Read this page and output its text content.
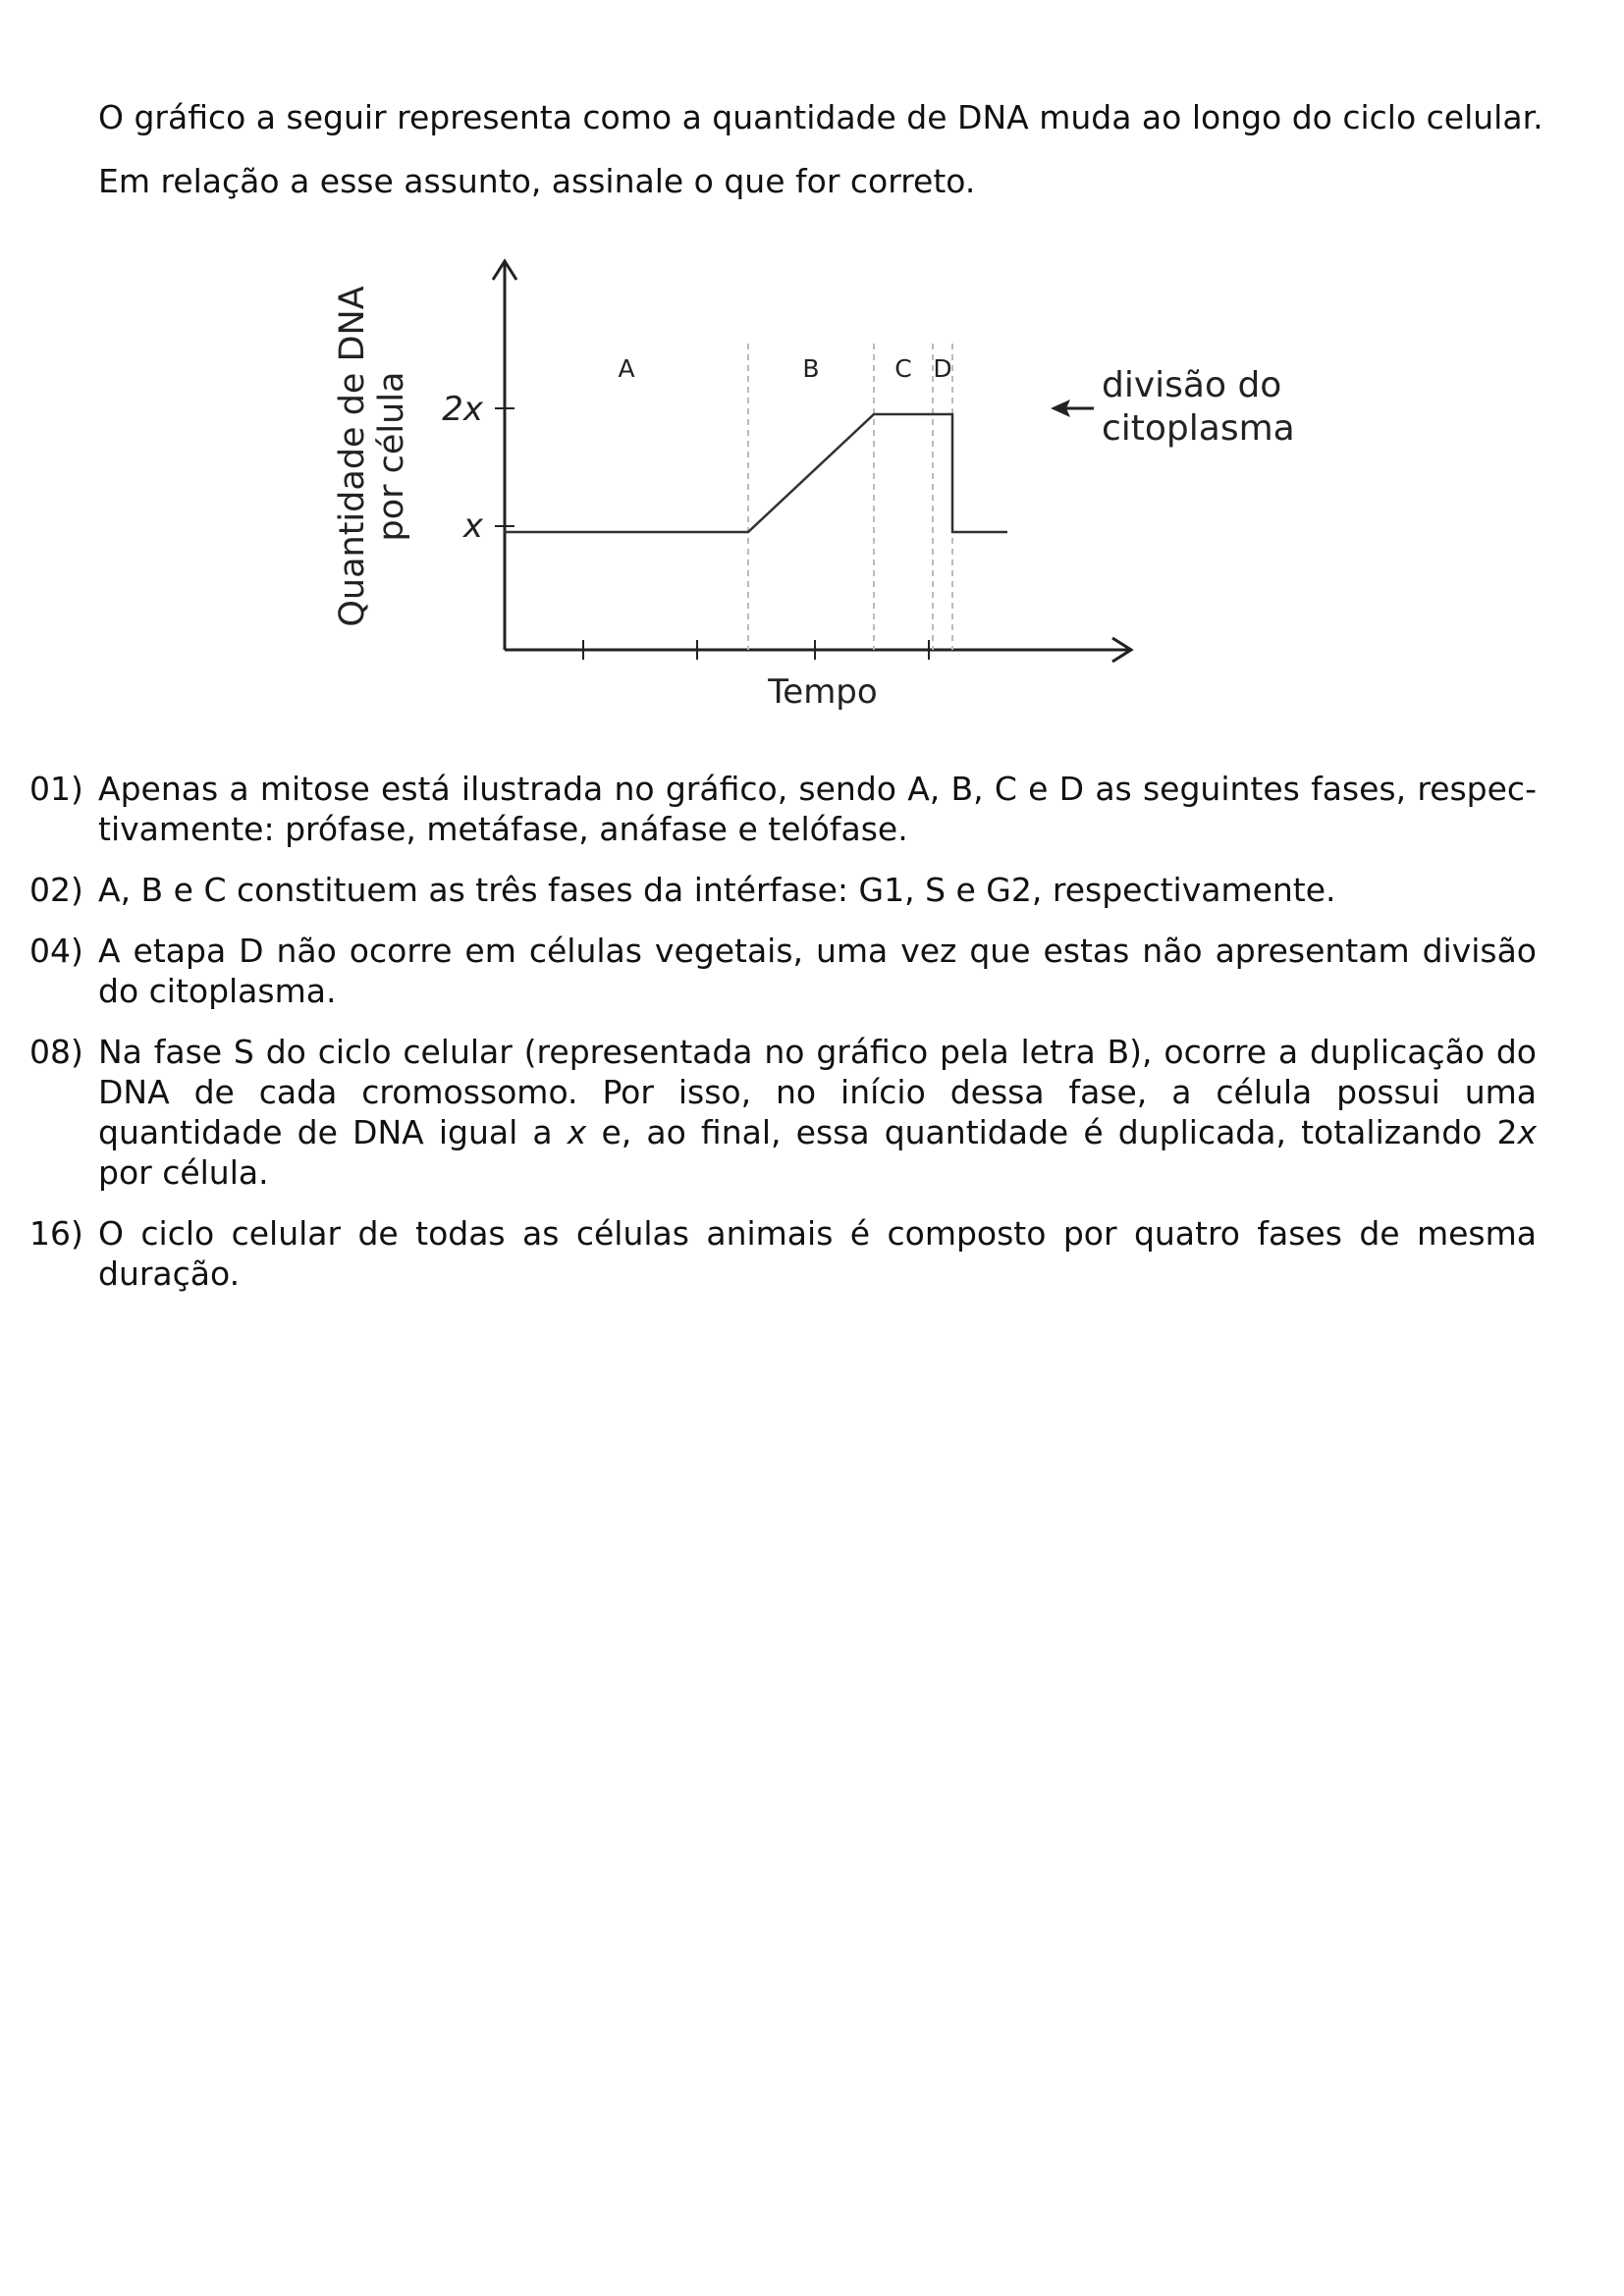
O gráfico a seguir representa como a quantidade de DNA muda ao longo do ciclo celular.
Em relação a esse assunto, assinale o que for correto.
2x
x
Quantidade de DNA por célula
Tempo
A	B	C D	divisão do
citoplasma
01) Apenas a mitose está ilustrada no gráfico, sendo A, B, C e D as seguintes fases, respec-tivamente: prófase, metáfase, anáfase e telófase.
02) A, B e C constituem as três fases da intérfase: G1, S e G2, respectivamente.
04) A etapa D não ocorre em células vegetais, uma vez que estas não apresentam divisão do citoplasma.
08) Na fase S do ciclo celular (representada no gráfico pela letra B), ocorre a duplicação do DNA de cada cromossomo. Por isso, no início dessa fase, a célula possui uma quantidade de DNA igual a x e, ao final, essa quantidade é duplicada, totalizando 2x por célula.
16) O ciclo celular de todas as células animais é composto por quatro fases de mesma duração.
